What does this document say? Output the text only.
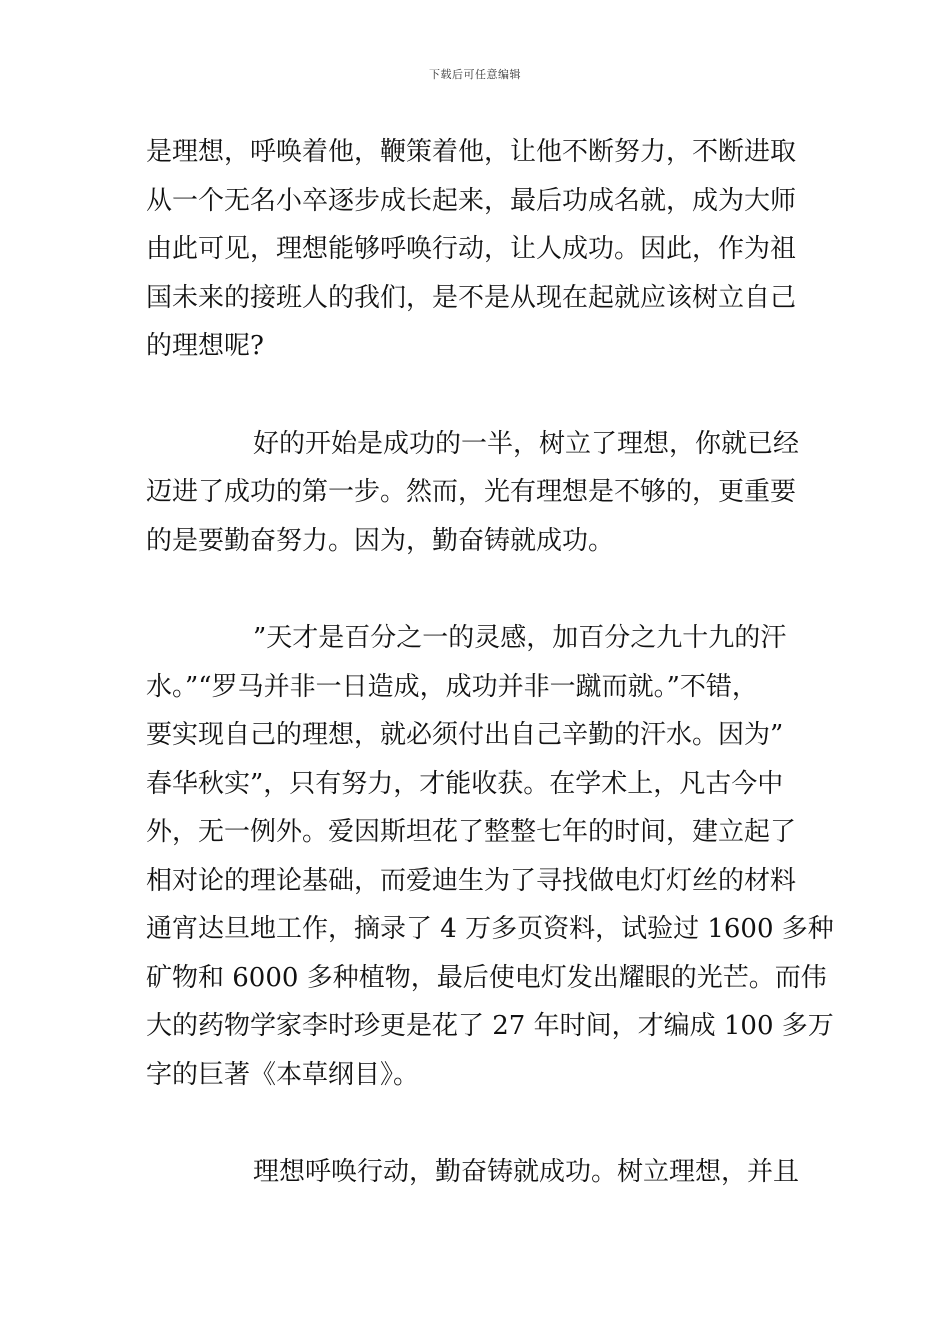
下载后可任意编辑
是理想，呼唤着他，鞭策着他，让他不断努力，不断进取
从一个无名小卒逐步成长起来，最后功成名就，成为大师
由此可见，理想能够呼唤行动，让人成功。因此，作为祖
国未来的接班人的我们，是不是从现在起就应该树立自己
的理想呢?
好的开始是成功的一半，树立了理想，你就已经
迈进了成功的第一步。然而，光有理想是不够的，更重要
的是要勤奋努力。因为，勤奋铸就成功。
”天才是百分之一的灵感，加百分之九十九的汗
水。”“罗马并非一日造成，成功并非一蹴而就。”不错，
要实现自己的理想，就必须付出自己辛勤的汗水。因为”
春华秋实”，只有努力，才能收获。在学术上，凡古今中
外，无一例外。爱因斯坦花了整整七年的时间，建立起了
相对论的理论基础，而爱迪生为了寻找做电灯灯丝的材料
通宵达旦地工作，摘录了 4 万多页资料，试验过 1600 多种
矿物和 6000 多种植物，最后使电灯发出耀眼的光芒。而伟
大的药物学家李时珍更是花了 27 年时间，才编成 100 多万
字的巨著《本草纲目》。
理想呼唤行动，勤奋铸就成功。树立理想，并且
